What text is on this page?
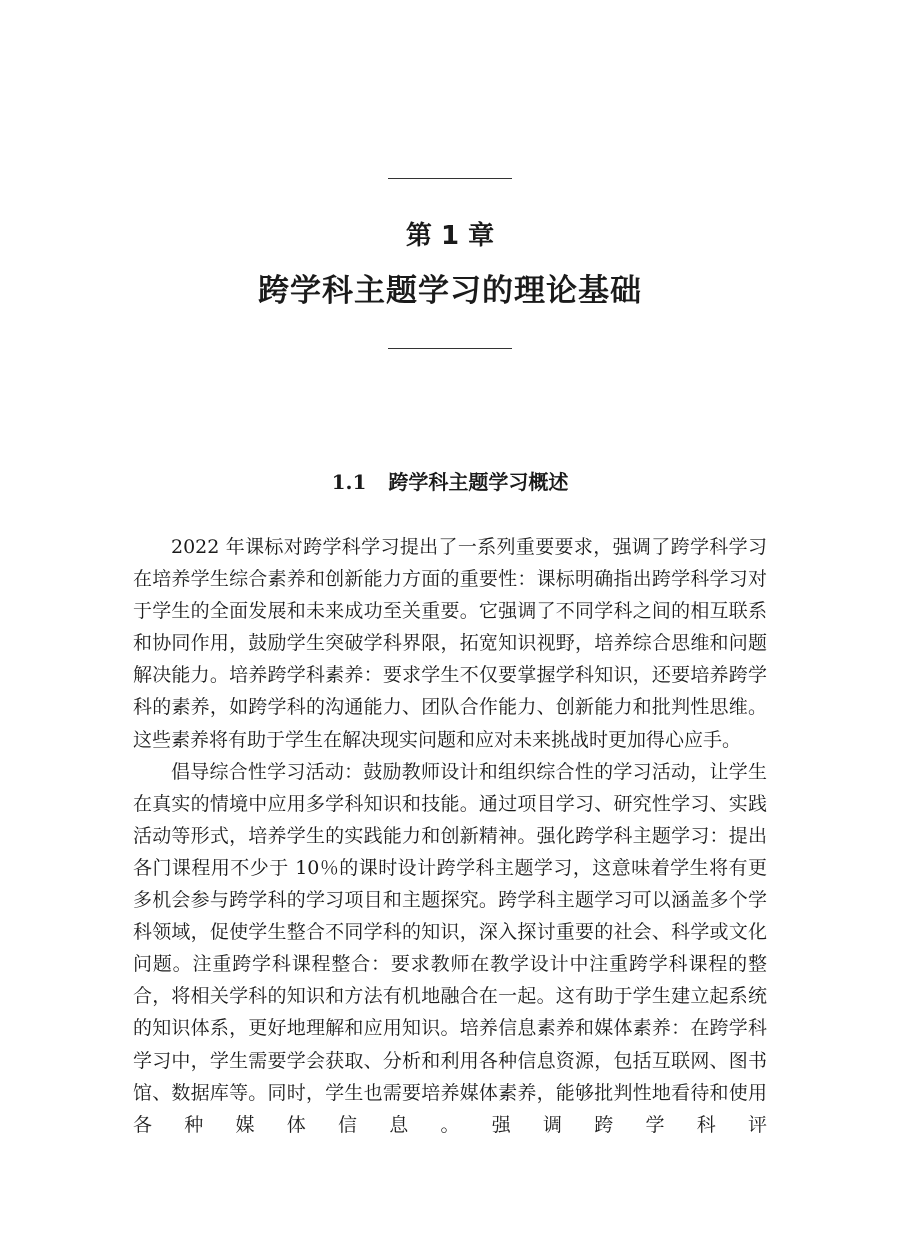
第 1 章
跨学科主题学习的理论基础
1.1 跨学科主题学习概述

2022 年课标对跨学科学习提出了一系列重要要求，强调了跨学科学习在培养学生综合素养和创新能力方面的重要性：课标明确指出跨学科学习对于学生的全面发展和未来成功至关重要。它强调了不同学科之间的相互联系和协同作用，鼓励学生突破学科界限，拓宽知识视野，培养综合思维和问题解决能力。培养跨学科素养：要求学生不仅要掌握学科知识，还要培养跨学科的素养，如跨学科的沟通能力、团队合作能力、创新能力和批判性思维。这些素养将有助于学生在解决现实问题和应对未来挑战时更加得心应手。

倡导综合性学习活动：鼓励教师设计和组织综合性的学习活动，让学生在真实的情境中应用多学科知识和技能。通过项目学习、研究性学习、实践活动等形式，培养学生的实践能力和创新精神。强化跨学科主题学习：提出各门课程用不少于 10％的课时设计跨学科主题学习，这意味着学生将有更多机会参与跨学科的学习项目和主题探究。跨学科主题学习可以涵盖多个学科领域，促使学生整合不同学科的知识，深入探讨重要的社会、科学或文化问题。注重跨学科课程整合：要求教师在教学设计中注重跨学科课程的整合，将相关学科的知识和方法有机地融合在一起。这有助于学生建立起系统的知识体系，更好地理解和应用知识。培养信息素养和媒体素养：在跨学科学习中，学生需要学会获取、分析和利用各种信息资源，包括互联网、图书馆、数据库等。同时，学生也需要培养媒体素养，能够批判性地看待和使用各种媒体信息。强调跨学科评
